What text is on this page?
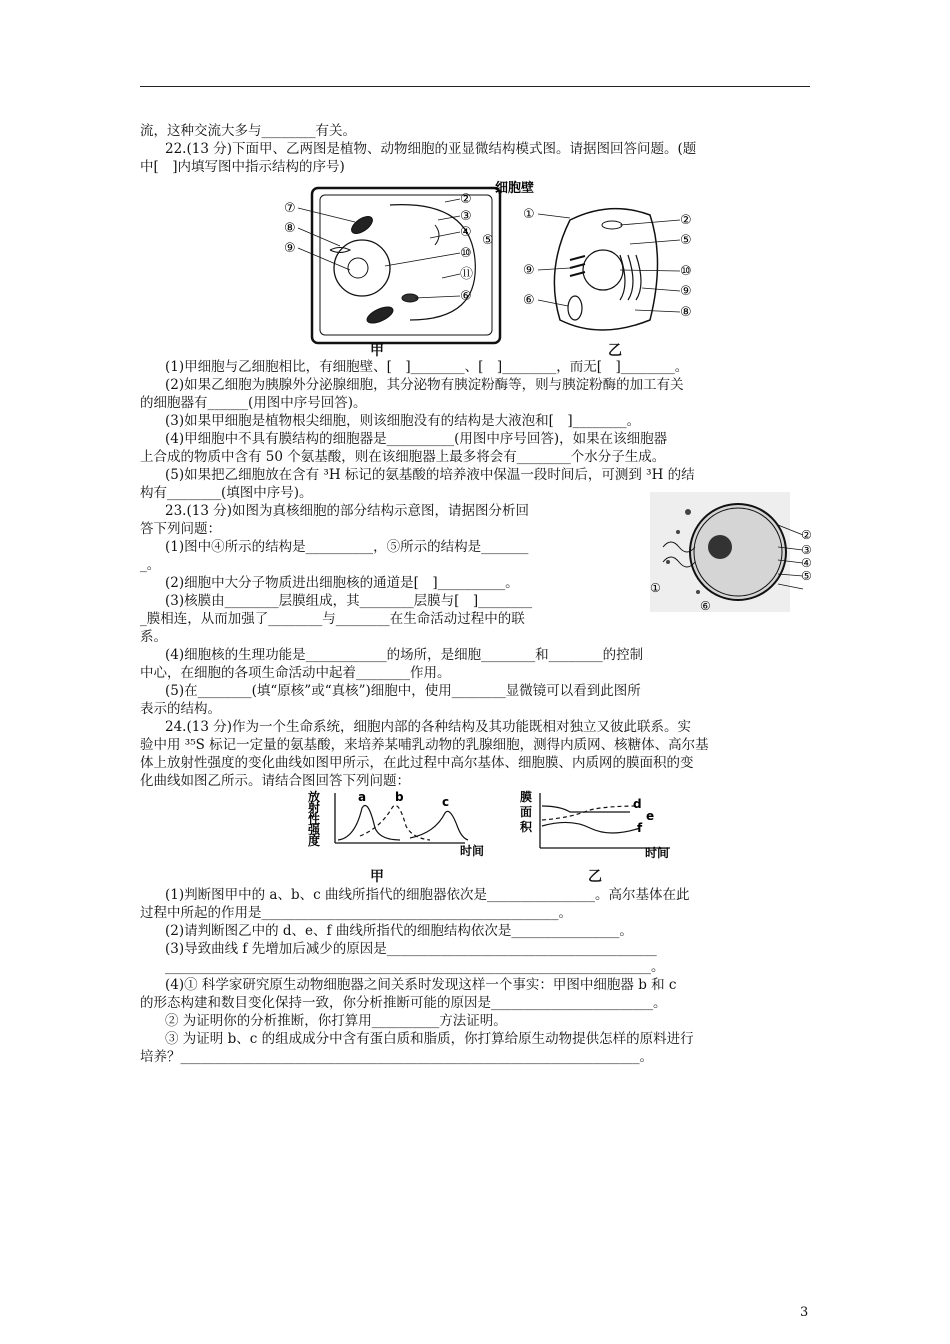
流，这种交流大多与________有关。
22.(13 分)下面甲、乙两图是植物、动物细胞的亚显微结构模式图。请据图回答问题。(题
中[　]内填写图中指示结构的序号)
细胞壁
⑦
⑧
⑨
②
③
④
⑤
⑩
⑪
⑥
①
⑨
⑥
②
⑤
⑩
⑨
⑧
甲	乙
(1)甲细胞与乙细胞相比，有细胞壁、[　]________、[　]________，而无[　]________。
(2)如果乙细胞为胰腺外分泌腺细胞，其分泌物有胰淀粉酶等，则与胰淀粉酶的加工有关
的细胞器有______(用图中序号回答)。
(3)如果甲细胞是植物根尖细胞，则该细胞没有的结构是大液泡和[　]________。
(4)甲细胞中不具有膜结构的细胞器是__________(用图中序号回答)，如果在该细胞器
上合成的物质中含有 50 个氨基酸，则在该细胞器上最多将会有________个水分子生成。
(5)如果把乙细胞放在含有 ³H 标记的氨基酸的培养液中保温一段时间后，可测到 ³H 的结
构有________(填图中序号)。
23.(13 分)如图为真核细胞的部分结构示意图，请据图分析回
答下列问题：
(1)图中④所示的结构是__________，⑤所示的结构是_______
_。
(2)细胞中大分子物质进出细胞核的通道是[　]__________。
(3)核膜由________层膜组成，其________层膜与[　]________
_膜相连，从而加强了________与________在生命活动过程中的联
系。
②
③
④
⑤
①
⑥
(4)细胞核的生理功能是____________的场所，是细胞________和________的控制
中心，在细胞的各项生命活动中起着________作用。
(5)在________(填“原核”或“真核”)细胞中，使用________显微镜可以看到此图所
表示的结构。
24.(13 分)作为一个生命系统，细胞内部的各种结构及其功能既相对独立又彼此联系。实
验中用 ³⁵S 标记一定量的氨基酸，来培养某哺乳动物的乳腺细胞，测得内质网、核糖体、高尔基
体上放射性强度的变化曲线如图甲所示，在此过程中高尔基体、细胞膜、内质网的膜面积的变
化曲线如图乙所示。请结合图回答下列问题：
放
射
性
强
度
a b	c
时间
膜
面
积
d
e
f
时间
甲	乙
(1)判断图甲中的 a、b、c 曲线所指代的细胞器依次是________________。高尔基体在此
过程中所起的作用是____________________________________________。
(2)请判断图乙中的 d、e、f 曲线所指代的细胞结构依次是________________。
(3)导致曲线 f 先增加后减少的原因是________________________________________
________________________________________________________________________。
(4)① 科学家研究原生动物细胞器之间关系时发现这样一个事实：甲图中细胞器 b 和 c
的形态构建和数目变化保持一致，你分析推断可能的原因是________________________。
② 为证明你的分析推断，你打算用__________方法证明。
③ 为证明 b、c 的组成成分中含有蛋白质和脂质，你打算给原生动物提供怎样的原料进行
培养？____________________________________________________________________。
3
